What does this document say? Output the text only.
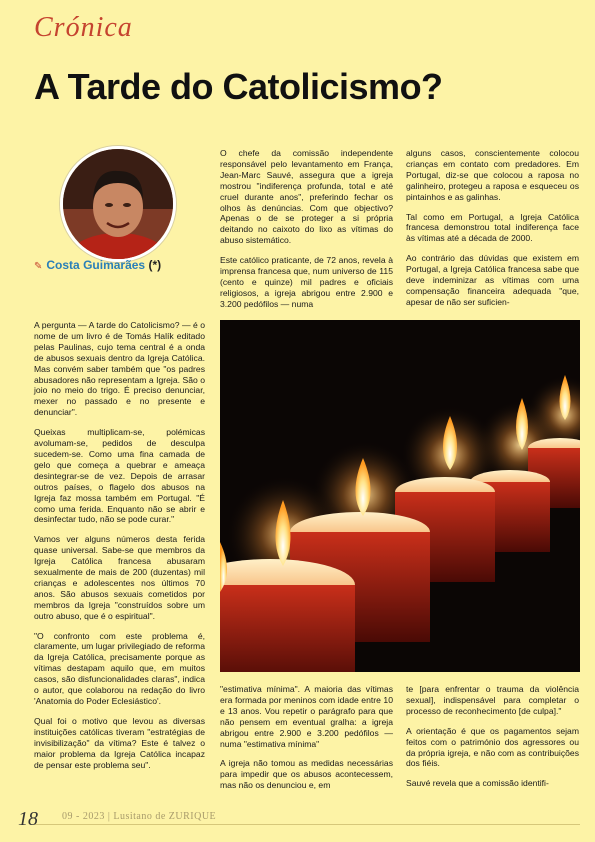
Crónica
A Tarde do Catolicismo?
✎ Costa Guimarães (*)

A pergunta — A tarde do Catolicismo? — é o nome de um livro é de Tomás Halík editado pelas Paulinas, cujo tema central é a onda de abusos sexuais dentro da Igreja Católica. Mas convém saber também que "os padres abusadores não representam a Igreja. São o joio no meio do trigo. É preciso denunciar, mexer no passado e no presente e denunciar".

Queixas multiplicam-se, polémicas avolumam-se, pedidos de desculpa sucedem-se. Como uma fina camada de gelo que começa a quebrar e ameaça desintegrar-se de vez. Depois de arrasar outros países, o flagelo dos abusos na Igreja faz mossa também em Portugal. "É como uma ferida. Enquanto não se abrir e desinfectar tudo, não se pode curar."

Vamos ver alguns números desta ferida quase universal. Sabe-se que membros da Igreja Católica francesa abusaram sexualmente de mais de 200 (duzentas) mil crianças e adolescentes nos últimos 70 anos. São abusos sexuais cometidos por membros da Igreja "construídos sobre um outro abuso, que é o espiritual".

"O confronto com este problema é, claramente, um lugar privilegiado de reforma da Igreja Católica, precisamente porque as vítimas destapam aquilo que, em muitos casos, são disfuncionalidades claras", indica o autor, que colaborou na redação do livro 'Anatomia do Poder Eclesiástico'.

Qual foi o motivo que levou as diversas instituições católicas tiveram "estratégias de invisibilização" da vítima? Este é talvez o maior problema da Igreja Católica incapaz de pensar este problema seu".

O chefe da comissão independente responsável pelo levantamento em França, Jean-Marc Sauvé, assegura que a igreja mostrou "indiferença profunda, total e até cruel durante anos", preferindo fechar os olhos às denúncias. Com que objectivo? Apenas o de se proteger a si própria deitando no caixoto do lixo as vítimas do abuso sistemático.

Este católico praticante, de 72 anos, revela à imprensa francesa que, num universo de 115 (cento e quinze) mil padres e oficiais religiosos, a igreja abrigou entre 2.900 e 3.200 pedófilos — numa

alguns casos, conscientemente colocou crianças em contato com predadores. Em Portugal, diz-se que colocou a raposa no galinheiro, protegeu a raposa e esqueceu os pintainhos e as galinhas.

Tal como em Portugal, a Igreja Católica francesa demonstrou total indiferença face às vítimas até a década de 2000.

Ao contrário das dúvidas que existem em Portugal, a Igreja Católica francesa sabe que deve indeminizar as vítimas com uma compensação financeira adequada "que, apesar de não ser suficien-

"estimativa mínima". A maioria das vítimas era formada por meninos com idade entre 10 e 13 anos. Vou repetir o parágrafo para que não pensem em eventual gralha: a igreja abrigou entre 2.900 e 3.200 pedófilos — numa "estimativa mínima"

A igreja não tomou as medidas necessárias para impedir que os abusos acontecessem, mas não os denunciou e, em

te [para enfrentar o trauma da violência sexual], indispensável para completar o processo de reconhecimento [de culpa]."

A orientação é que os pagamentos sejam feitos com o património dos agressores ou da própria igreja, e não com as contribuições dos fiéis.

Sauvé revela que a comissão identifi-

18 09 - 2023 | Lusitano de ZURIQUE
